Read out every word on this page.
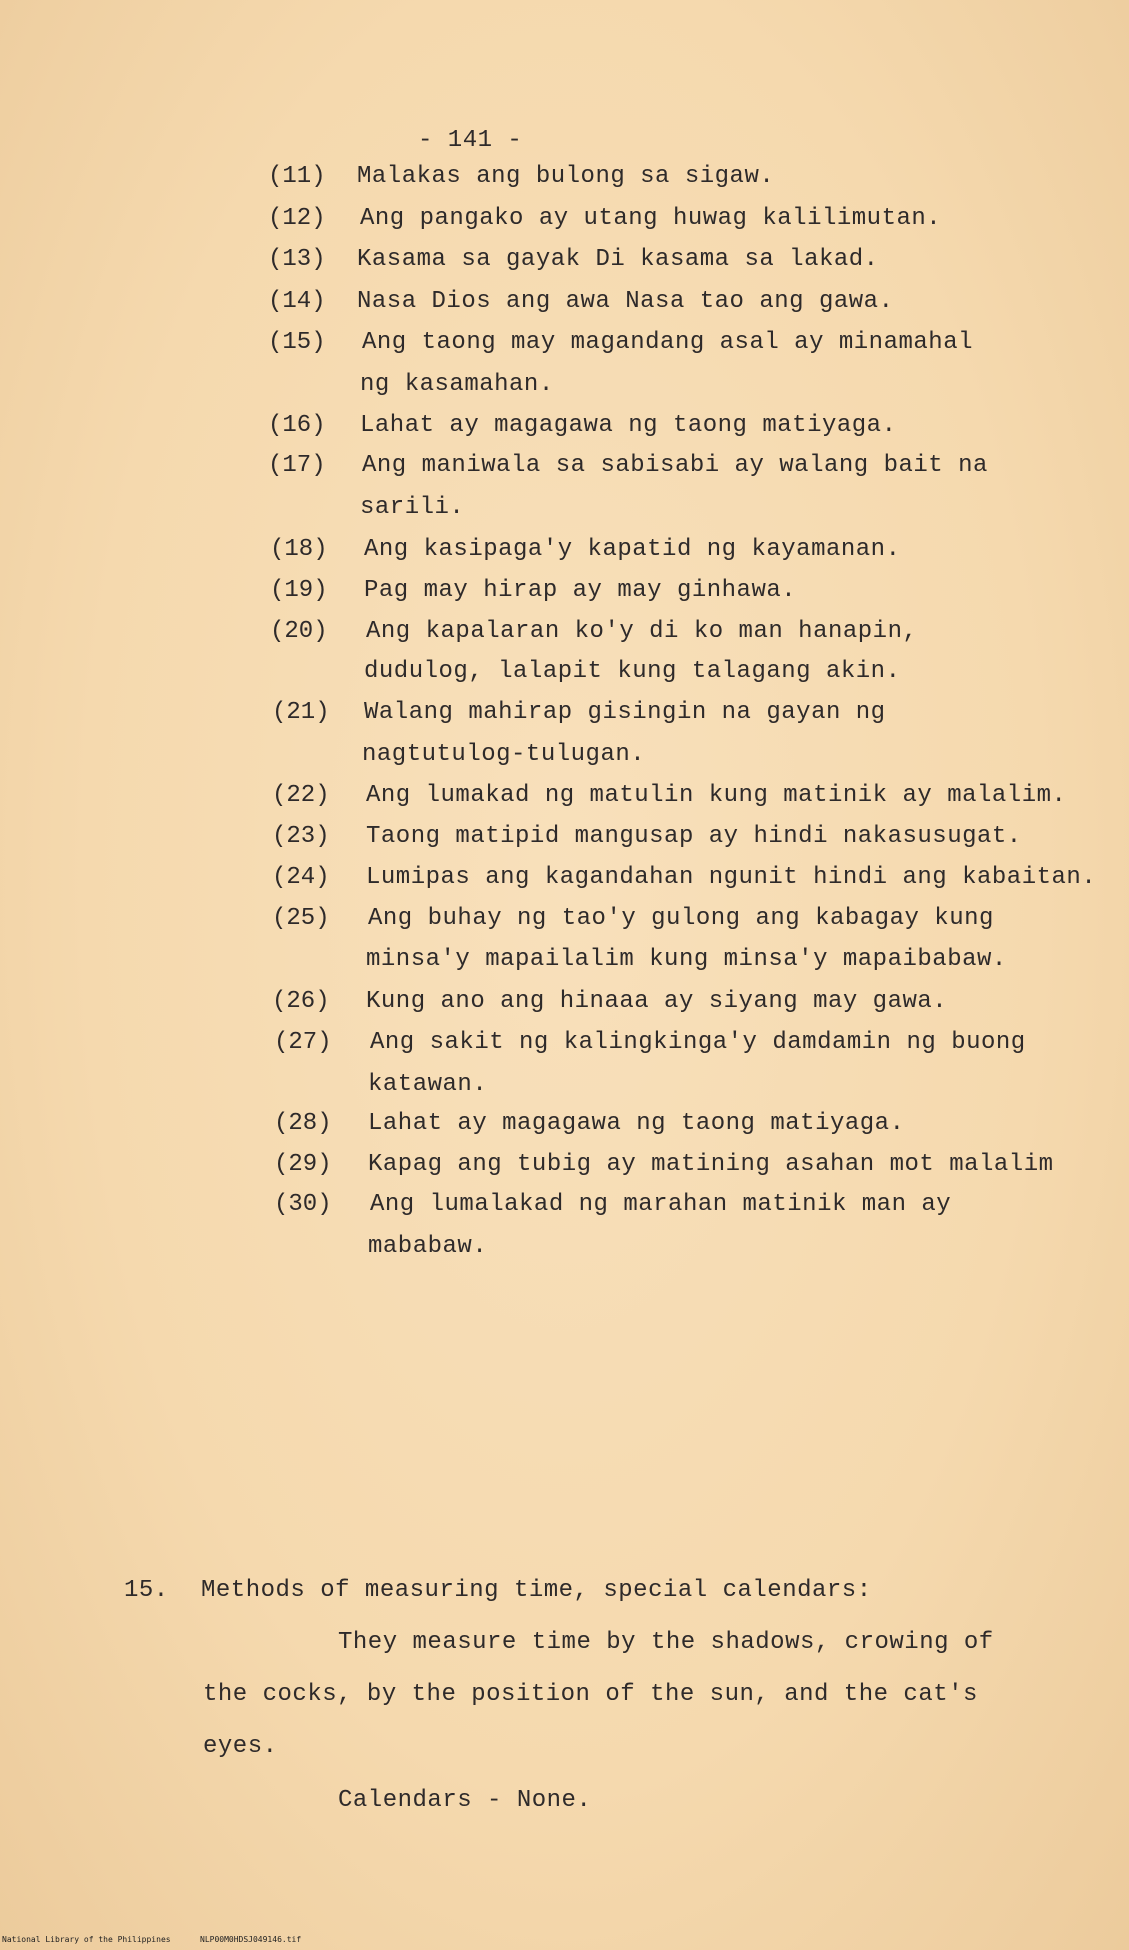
- 141 -
(11) Malakas ang bulong sa sigaw.
(12) Ang pangako ay utang huwag kalilimutan.
(13) Kasama sa gayak Di kasama sa lakad.
(14) Nasa Dios ang awa Nasa tao ang gawa.
(15) Ang taong may magandang asal ay minamahal
ng kasamahan.
(16) Lahat ay magagawa ng taong matiyaga.
(17) Ang maniwala sa sabisabi ay walang bait na
sarili.
(18) Ang kasipaga'y kapatid ng kayamanan.
(19) Pag may hirap ay may ginhawa.
(20) Ang kapalaran ko'y di ko man hanapin,
dudulog, lalapit kung talagang akin.
(21) Walang mahirap gisingin na gayan ng
nagtutulog-tulugan.
(22) Ang lumakad ng matulin kung matinik ay malalim.
(23) Taong matipid mangusap ay hindi nakasusugat.
(24) Lumipas ang kagandahan ngunit hindi ang kabaitan.
(25) Ang buhay ng tao'y gulong ang kabagay kung
minsa'y mapailalim kung minsa'y mapaibabaw.
(26) Kung ano ang hinaaa ay siyang may gawa.
(27) Ang sakit ng kalingkinga'y damdamin ng buong
katawan.
(28) Lahat ay magagawa ng taong matiyaga.
(29) Kapag ang tubig ay matining asahan mot malalim
(30) Ang lumalakad ng marahan matinik man ay
mababaw.
15. Methods of measuring time, special calendars:
They measure time by the shadows, crowing of
the cocks, by the position of the sun, and the cat's
eyes.
Calendars - None.
National Library of the Philippines	NLP00M0HDSJ049146.tif
